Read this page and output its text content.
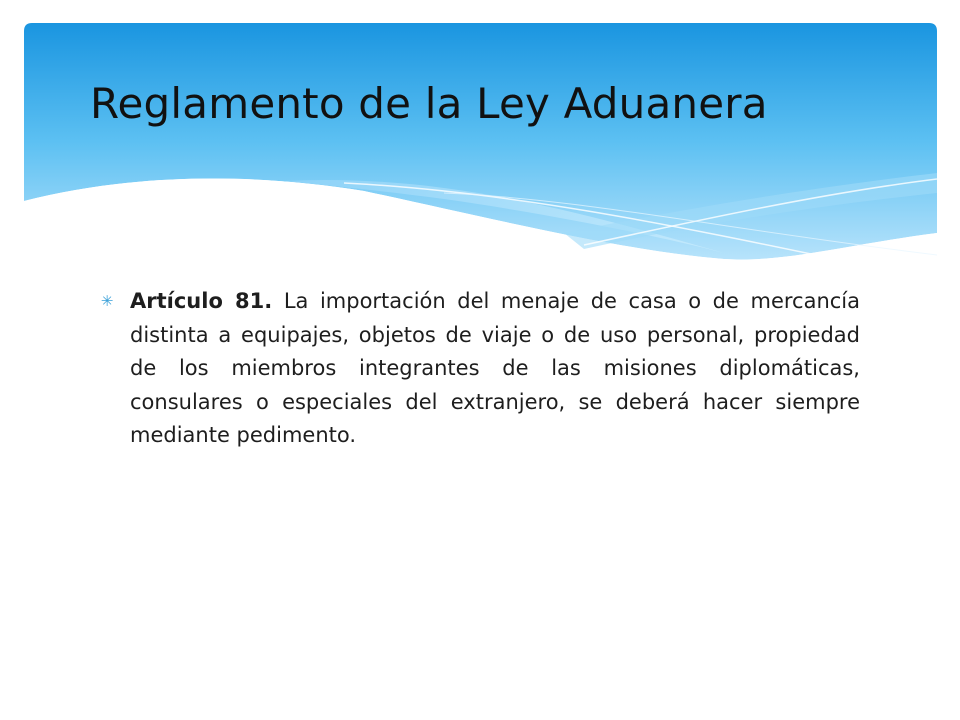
Reglamento de la Ley Aduanera
✳ Artículo 81. La importación del menaje de casa o de mercancía distinta a equipajes, objetos de viaje o de uso personal, propiedad de los miembros integrantes de las misiones diplomáticas, consulares o especiales del extranjero, se deberá hacer siempre mediante pedimento.
